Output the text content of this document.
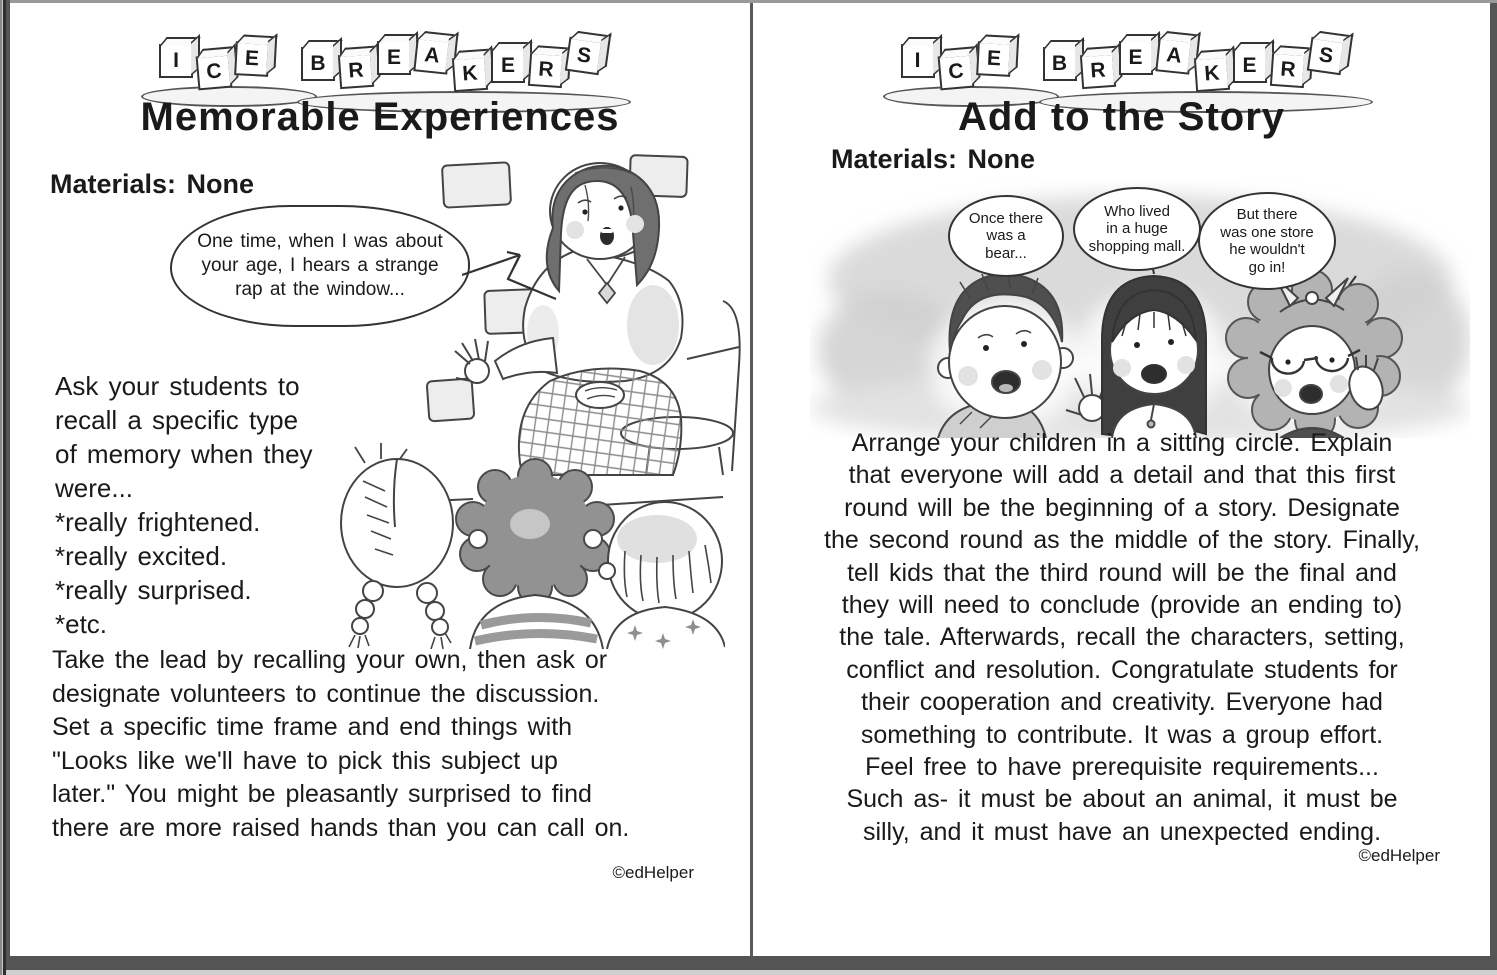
I	C
E	B	R
E	A
K	E	R
S
Memorable Experiences
Materials: None
One time, when I was about
your age, I hears a strange
rap at the window...
Ask your students to
recall a specific type
of memory when they
were...
*really frightened.
*really excited.
*really surprised.
*etc.
Take the lead by recalling your own, then ask or
designate volunteers to continue the discussion.
Set a specific time frame and end things with
"Looks like we'll have to pick this subject up
later." You might be pleasantly surprised to find
there are more raised hands than you can call on.
©edHelper
I	C
E	B	R
E	A
K	E	R
S
Add to the Story
Materials: None
Once there
was a
bear...
Who lived
in a huge
shopping mall.
But there
was one store
he wouldn't
go in!
Arrange your children in a sitting circle. Explain
that everyone will add a detail and that this first
round will be the beginning of a story. Designate
the second round as the middle of the story. Finally,
tell kids that the third round will be the final and
they will need to conclude (provide an ending to)
the tale. Afterwards, recall the characters, setting,
conflict and resolution. Congratulate students for
their cooperation and creativity. Everyone had
something to contribute. It was a group effort.
Feel free to have prerequisite requirements...
Such as- it must be about an animal, it must be
silly, and it must have an unexpected ending.
©edHelper
